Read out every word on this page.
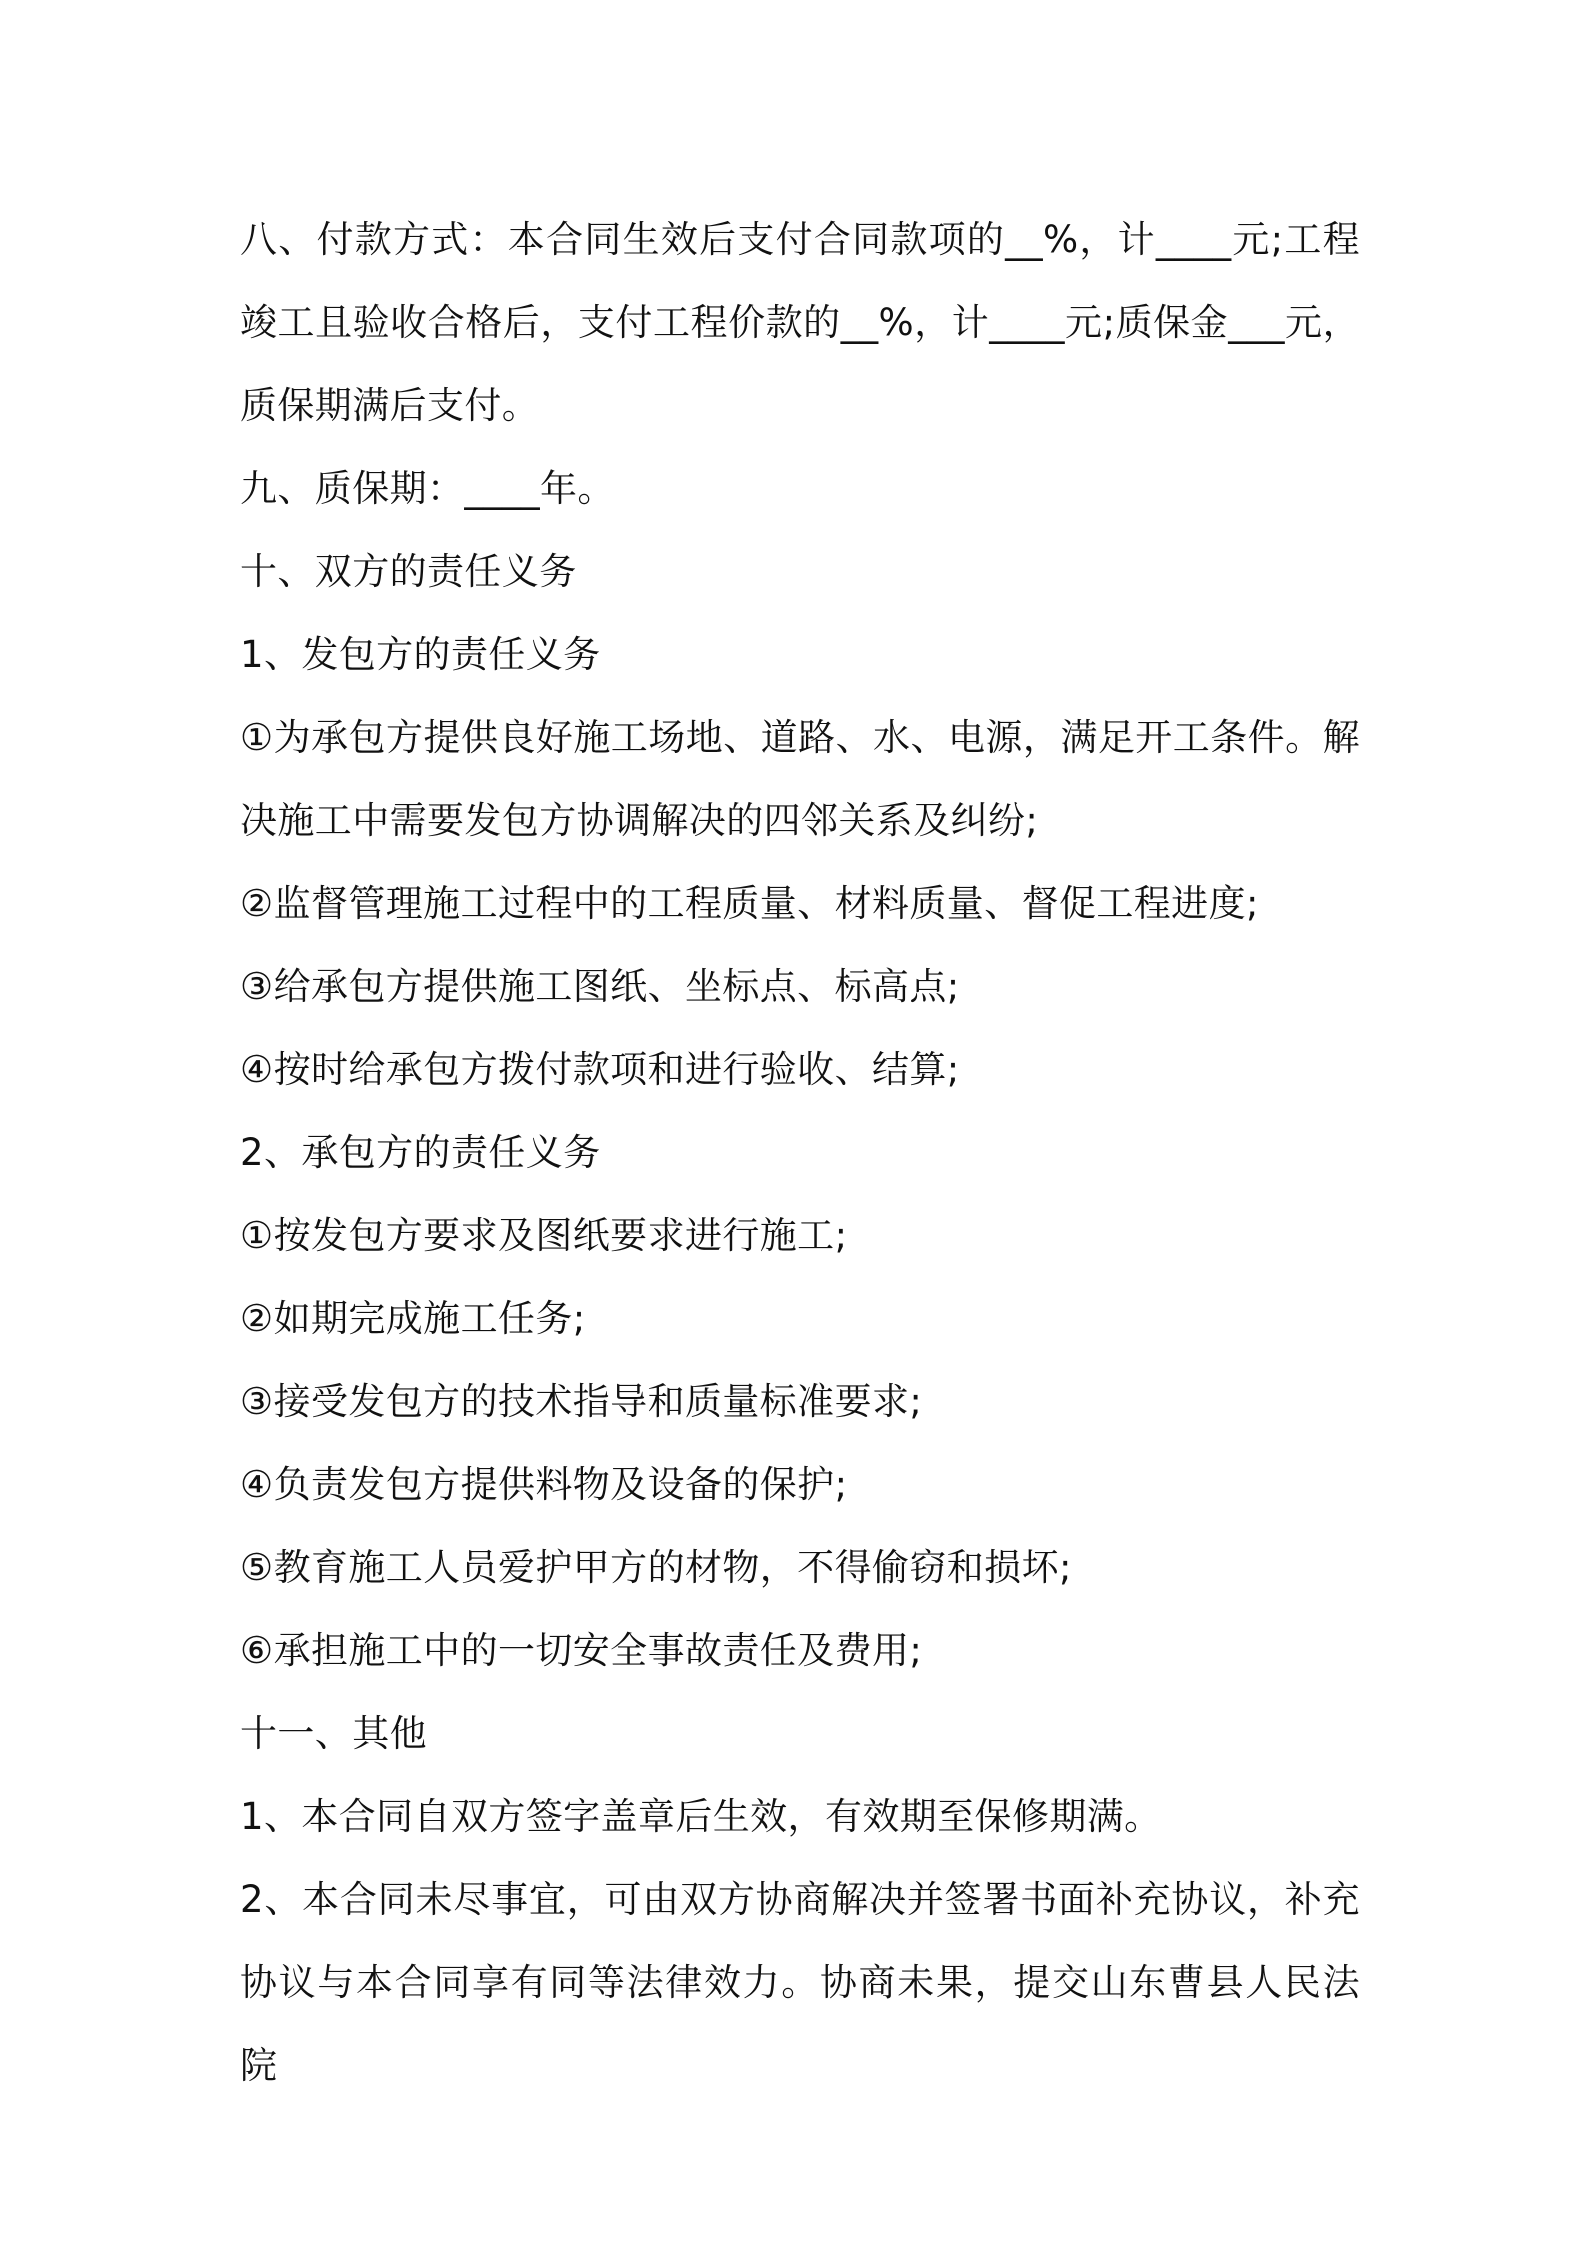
八、付款方式：本合同生效后支付合同款项的__%，计____元;工程竣工且验收合格后，支付工程价款的__%，计____元;质保金___元，质保期满后支付。

九、质保期：____年。

十、双方的责任义务

1、发包方的责任义务

①为承包方提供良好施工场地、道路、水、电源，满足开工条件。解决施工中需要发包方协调解决的四邻关系及纠纷;

②监督管理施工过程中的工程质量、材料质量、督促工程进度;

③给承包方提供施工图纸、坐标点、标高点;

④按时给承包方拨付款项和进行验收、结算;

2、承包方的责任义务

①按发包方要求及图纸要求进行施工;

②如期完成施工任务;

③接受发包方的技术指导和质量标准要求;

④负责发包方提供料物及设备的保护;

⑤教育施工人员爱护甲方的材物，不得偷窃和损坏;

⑥承担施工中的一切安全事故责任及费用;

十一、其他

1、本合同自双方签字盖章后生效，有效期至保修期满。

2、本合同未尽事宜，可由双方协商解决并签署书面补充协议，补充协议与本合同享有同等法律效力。协商未果，提交山东曹县人民法院
